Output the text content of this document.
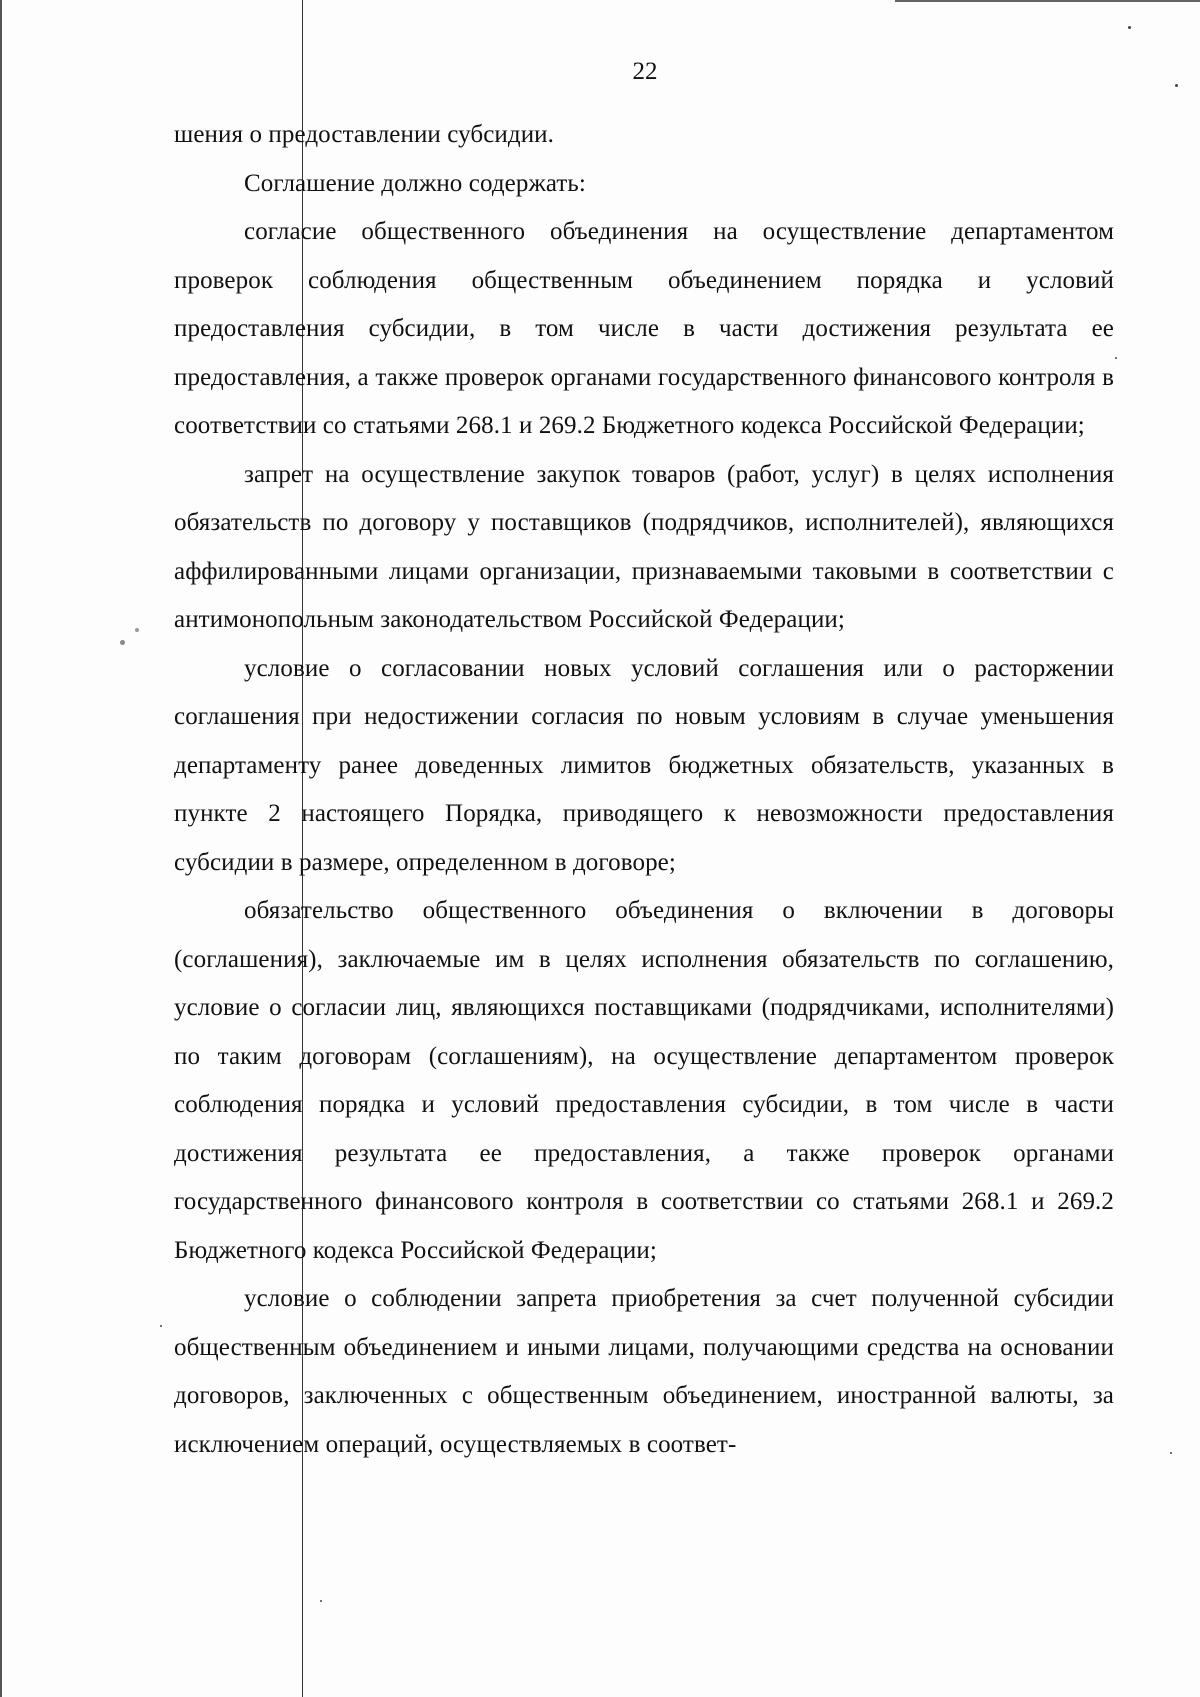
22

шения о предоставлении субсидии.

Соглашение должно содержать:

согласие общественного объединения на осуществление департаментом проверок соблюдения общественным объединением порядка и условий предоставления субсидии, в том числе в части достижения результата ее предоставления, а также проверок органами государственного финансового контроля в соответствии со статьями 268.1 и 269.2 Бюджетного кодекса Российской Федерации;

запрет на осуществление закупок товаров (работ, услуг) в целях исполнения обязательств по договору у поставщиков (подрядчиков, исполнителей), являющихся аффилированными лицами организации, признаваемыми таковыми в соответствии с антимонопольным законодательством Российской Федерации;

условие о согласовании новых условий соглашения или о расторжении соглашения при недостижении согласия по новым условиям в случае уменьшения департаменту ранее доведенных лимитов бюджетных обязательств, указанных в пункте 2 настоящего Порядка, приводящего к невозможности предоставления субсидии в размере, определенном в договоре;

обязательство общественного объединения о включении в договоры (соглашения), заключаемые им в целях исполнения обязательств по соглашению, условие о согласии лиц, являющихся поставщиками (подрядчиками, исполнителями) по таким договорам (соглашениям), на осуществление департаментом проверок соблюдения порядка и условий предоставления субсидии, в том числе в части достижения результата ее предоставления, а также проверок органами государственного финансового контроля в соответствии со статьями 268.1 и 269.2 Бюджетного кодекса Российской Федерации;

условие о соблюдении запрета приобретения за счет полученной субсидии общественным объединением и иными лицами, получающими средства на основании договоров, заключенных с общественным объединением, иностранной валюты, за исключением операций, осуществляемых в соответ-
